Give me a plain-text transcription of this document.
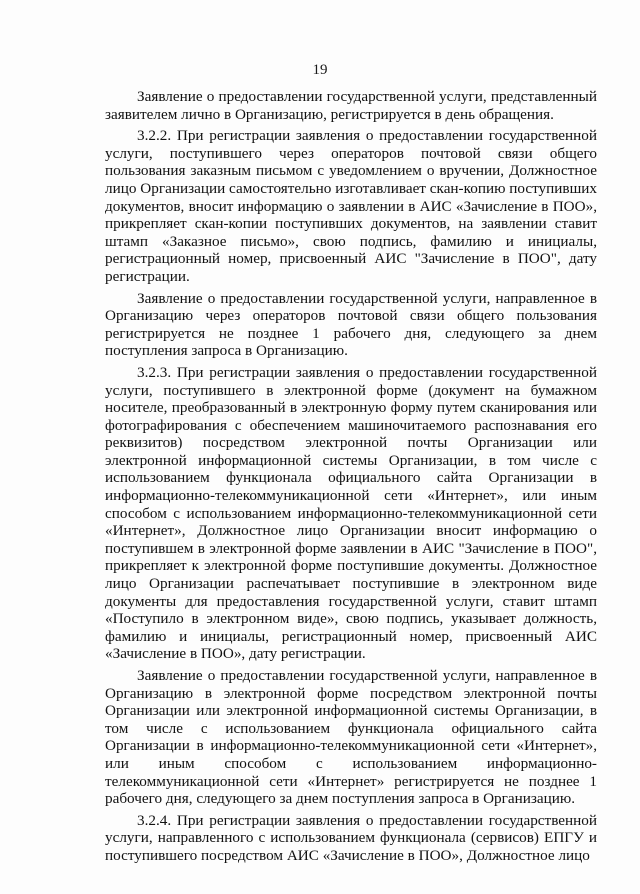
19

Заявление о предоставлении государственной услуги, представленный заявителем лично в Организацию, регистрируется в день обращения.

3.2.2. При регистрации заявления о предоставлении государственной услуги, поступившего через операторов почтовой связи общего пользования заказным письмом с уведомлением о вручении, Должностное лицо Организации самостоятельно изготавливает скан-копию поступивших документов, вносит информацию о заявлении в АИС «Зачисление в ПОО», прикрепляет скан-копии поступивших документов, на заявлении ставит штамп «Заказное письмо», свою подпись, фамилию и инициалы, регистрационный номер, присвоенный АИС "Зачисление в ПОО", дату регистрации.

Заявление о предоставлении государственной услуги, направленное в Организацию через операторов почтовой связи общего пользования регистрируется не позднее 1 рабочего дня, следующего за днем поступления запроса в Организацию.

3.2.3. При регистрации заявления о предоставлении государственной услуги, поступившего в электронной форме (документ на бумажном носителе, преобразованный в электронную форму путем сканирования или фотографирования с обеспечением машиночитаемого распознавания его реквизитов) посредством электронной почты Организации или электронной информационной системы Организации, в том числе с использованием функционала официального сайта Организации в информационно-телекоммуникационной сети «Интернет», или иным способом с использованием информационно-телекоммуникационной сети «Интернет», Должностное лицо Организации вносит информацию о поступившем в электронной форме заявлении в АИС "Зачисление в ПОО", прикрепляет к электронной форме поступившие документы. Должностное лицо Организации распечатывает поступившие в электронном виде документы для предоставления государственной услуги, ставит штамп «Поступило в электронном виде», свою подпись, указывает должность, фамилию и инициалы, регистрационный номер, присвоенный АИС «Зачисление в ПОО», дату регистрации.

Заявление о предоставлении государственной услуги, направленное в Организацию в электронной форме посредством электронной почты Организации или электронной информационной системы Организации, в том числе с использованием функционала официального сайта Организации в информационно-телекоммуникационной сети «Интернет», или иным способом с использованием информационно-телекоммуникационной сети «Интернет» регистрируется не позднее 1 рабочего дня, следующего за днем поступления запроса в Организацию.

3.2.4. При регистрации заявления о предоставлении государственной услуги, направленного с использованием функционала (сервисов) ЕПГУ и поступившего посредством АИС «Зачисление в ПОО», Должностное лицо
